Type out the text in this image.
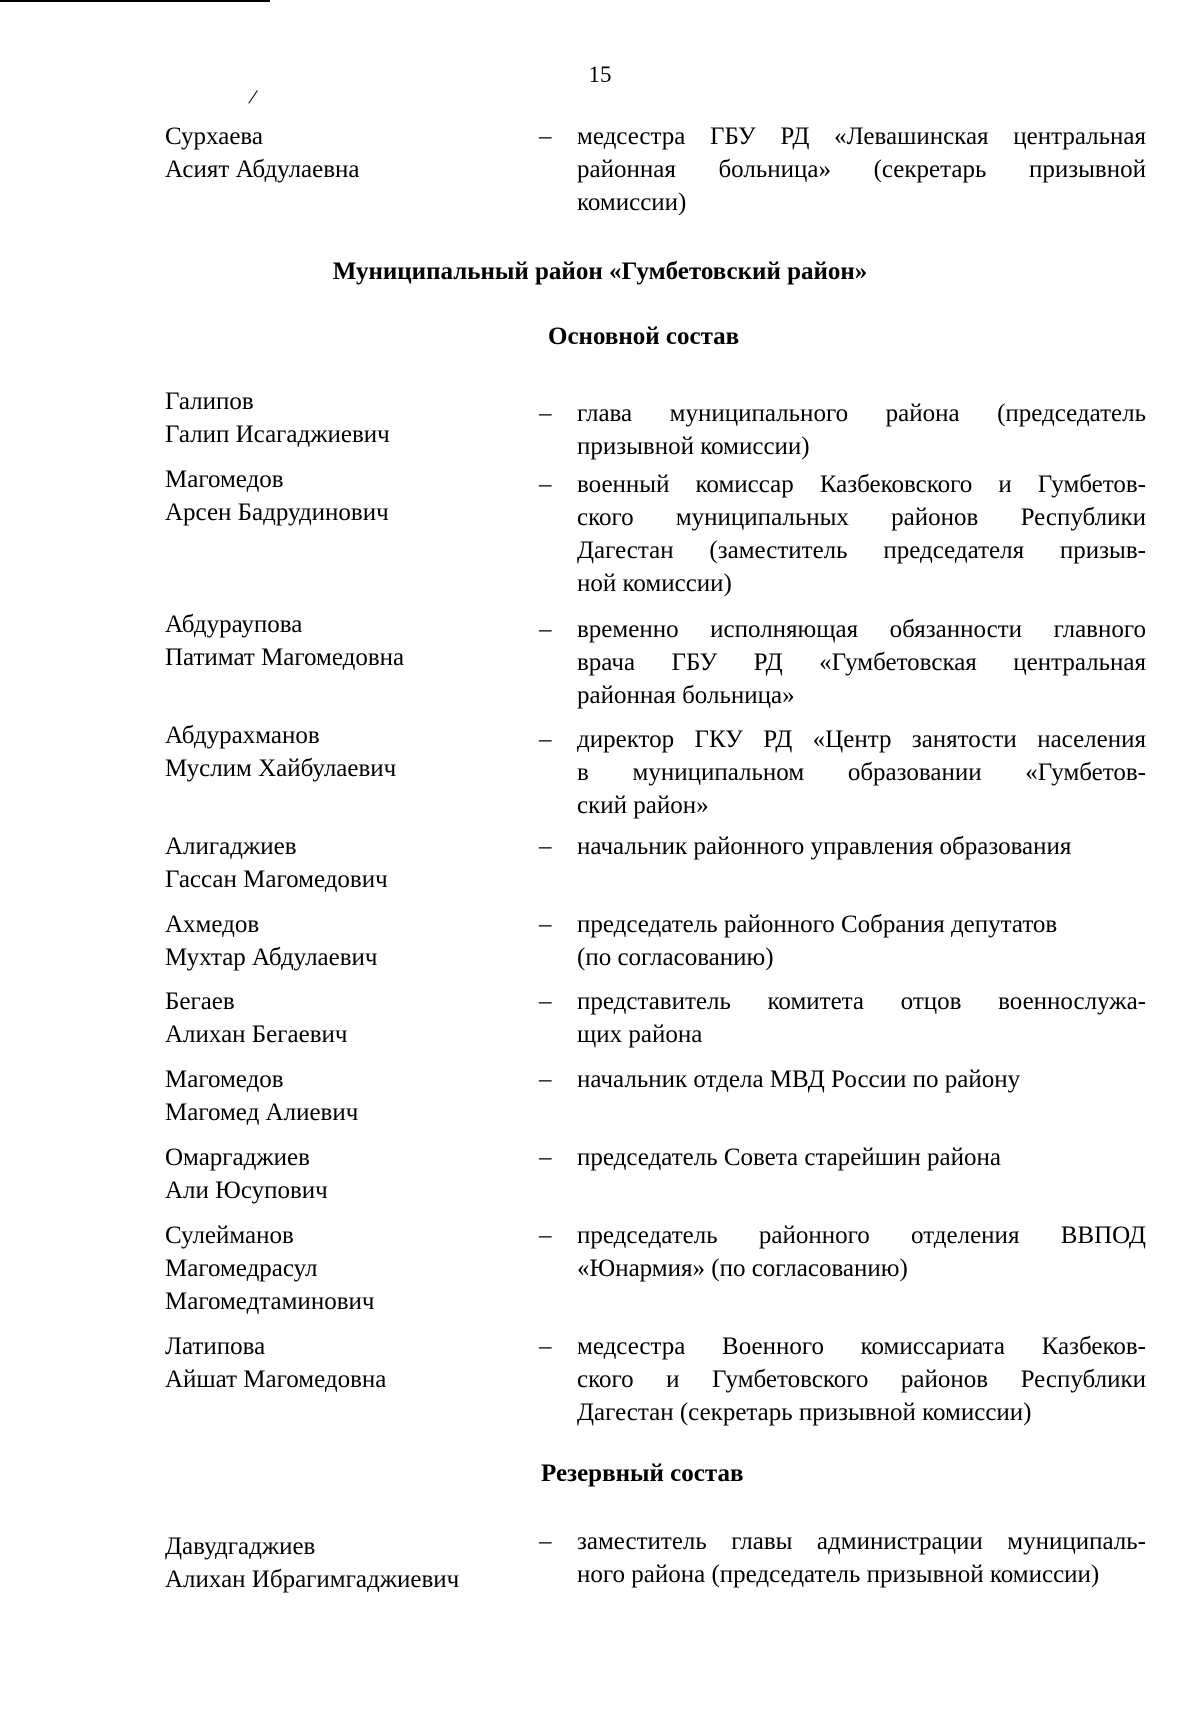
15
/
Сурхаева
Асият Абдулаевна
– медсестра ГБУ РД «Левашинская центральная
районная больница» (секретарь призывной
комиссии)
Муниципальный район «Гумбетовский район»
Основной состав
Галипов
Галип Исагаджиевич
– глава муниципального района (председатель
призывной комиссии)
Магомедов
Арсен Бадрудинович
– военный комиссар Казбековского и Гумбетов-
ского муниципальных районов Республики
Дагестан (заместитель председателя призыв-
ной комиссии)
Абдураупова
Патимат Магомедовна
– временно исполняющая обязанности главного
врача ГБУ РД «Гумбетовская центральная
районная больница»
Абдурахманов
Муслим Хайбулаевич
– директор ГКУ РД «Центр занятости населения
в муниципальном образовании «Гумбетов-
ский район»
Алигаджиев
Гассан Магомедович
– начальник районного управления образования
Ахмедов
Мухтар Абдулаевич
– председатель районного Собрания депутатов
(по согласованию)
Бегаев
Алихан Бегаевич
– представитель комитета отцов военнослужа-
щих района
Магомедов
Магомед Алиевич
– начальник отдела МВД России по району
Омаргаджиев
Али Юсупович
– председатель Совета старейшин района
Сулейманов
Магомедрасул
Магомедтаминович
– председатель районного отделения ВВПОД
«Юнармия» (по согласованию)
Латипова
Айшат Магомедовна
– медсестра Военного комиссариата Казбеков-
ского и Гумбетовского районов Республики
Дагестан (секретарь призывной комиссии)
Резервный состав
Давудгаджиев
Алихан Ибрагимгаджиевич
– заместитель главы администрации муниципаль-
ного района (председатель призывной комиссии)
